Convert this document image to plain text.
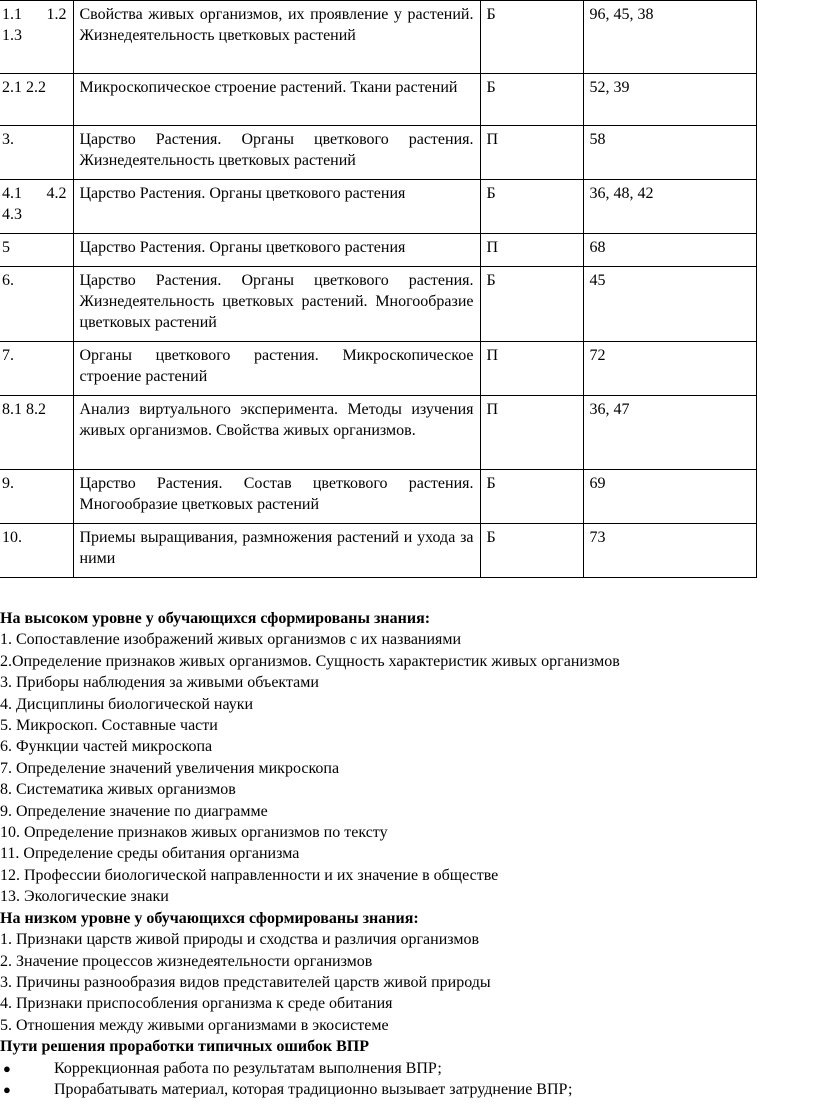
1.1 1.2 1.3	Свойства живых организмов, их проявление у растений. Жизнедеятельность цветковых растений	Б	96, 45, 38
2.1 2.2	Микроскопическое строение растений. Ткани растений	Б	52, 39
3.	Царство Растения. Органы цветкового растения. Жизнедеятельность цветковых растений	П	58
4.1 4.2 4.3	Царство Растения. Органы цветкового растения	Б	36, 48, 42
5	Царство Растения. Органы цветкового растения	П	68
6.	Царство Растения. Органы цветкового растения. Жизнедеятельность цветковых растений. Многообразие цветковых растений	Б	45
7.	Органы цветкового растения. Микроскопическое строение растений	П	72
8.1 8.2	Анализ виртуального эксперимента. Методы изучения живых организмов. Свойства живых организмов.	П	36, 47
9.	Царство Растения. Состав цветкового растения. Многообразие цветковых растений	Б	69
10.	Приемы выращивания, размножения растений и ухода за ними	Б	73
На высоком уровне у обучающихся сформированы знания:
1. Сопоставление изображений живых организмов с их названиями
2.Определение признаков живых организмов. Сущность характеристик живых организмов
3. Приборы наблюдения за живыми объектами
4. Дисциплины биологической науки
5. Микроскоп. Составные части
6. Функции частей микроскопа
7. Определение значений увеличения микроскопа
8. Систематика живых организмов
9. Определение значение по диаграмме
10. Определение признаков живых организмов по тексту
11. Определение среды обитания организма
12. Профессии биологической направленности и их значение в обществе
13. Экологические знаки
На низком уровне у обучающихся сформированы знания:
1. Признаки царств живой природы и сходства и различия организмов
2. Значение процессов жизнедеятельности организмов
3. Причины разнообразия видов представителей царств живой природы
4. Признаки приспособления организма к среде обитания
5. Отношения между живыми организмами в экосистеме
Пути решения проработки типичных ошибок ВПР
●	Коррекционная работа по результатам выполнения ВПР;
●	Прорабатывать материал, которая традиционно вызывает затруднение ВПР;
